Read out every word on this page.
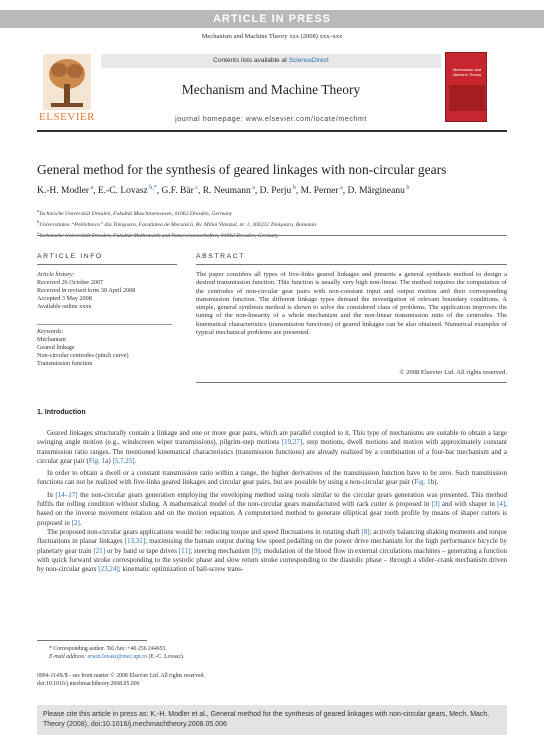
ARTICLE IN PRESS
Mechanism and Machine Theory xxx (2008) xxx–xxx
ELSEVIER
Contents lists available at ScienceDirect
Mechanism and Machine Theory
journal homepage: www.elsevier.com/locate/mechmt
Mechanism and Machine Theory
General method for the synthesis of geared linkages with non-circular gears
K.-H. Modler $^a$, E.-C. Lovasz $^{b,*}$, G.F. Bär $^c$, R. Neumann $^a$, D. Perju $^b$, M. Perner $^a$, D. Mărgineanu $^b$
$^a$Technische Universität Dresden, Fakultät Maschinenwesen, 01062 Dresden, Germany
$^b$Universitatea “Politehnica” din Timişoara, Facultatea de Mecanică, Bv. Mihai Viteazul, nr. 1, 300222 Timişoara, Romania
$^c$Technische Universität Dresden, Fakultät Mathematik und Naturwissenschaften, 01062 Dresden, Germany
ARTICLE INFO	ABSTRACT
Article history:
Received 26 October 2007
Received in revised form 30 April 2008
Accepted 3 May 2008
Available online xxxx
Keywords:
Mechanism
Geared linkage
Non-circular centrodes (pinch curve)
Transmission function
The paper considers all types of five-links geared linkages and presents a general synthesis method to design a desired transmission function. This function is usually very high non-linear. The method requires the computation of the centrodes of non-circular gear pairs with non-constant input and output motion and their corresponding transmission function. The different linkage types demand the investigation of relevant boundary conditions. A simple, general synthesis method is shown to solve the considered class of problems. The application improves the tuning of the non-linearity of a whole mechanism and the non-linear transmission ratio of the centrodes. The kinematical characteristics (transmission functions) of geared linkages can be also obtained. Numerical examples of typical mechanical problems are presented.
© 2008 Elsevier Ltd. All rights reserved.
1. Introduction

Geared linkages structurally contain a linkage and one or more gear pairs, which are parallel coupled to it. This type of mechanisms are suitable to obtain a large swinging angle motion (e.g., windscreen wiper transmissions), pilgrim-step motions [19,27], step motions, dwell motions and motion with approximately constant transmission ratio ranges. The mentioned kinematical characteristics (transmission functions) are already realized by a combination of a four-bar mechanism and a circular gear pair (Fig. 1a) [5,7,25].

In order to obtain a dwell or a constant transmission ratio within a range, the higher derivatives of the transmission function have to be zero. Such transmission functions can not be realized with five-links geared linkages and circular gear pairs, but are possible by using a non-circular gear pair (Fig. 1b).

In [14–17] the non-circular gears generation employing the enveloping method using tools similar to the circular gears generation was presented. This method fulfils the rolling condition without sliding. A mathematical model of the non-circular gears manufactured with rack cutter is proposed in [3] and with shaper in [4], based on the inverse movement relation and on the motion equation. A computerized method to generate elliptical gear tooth profile by means of shaper cutters is proposed in [2].

The proposed non-circular gears applications would be: reducing torque and speed fluctuations in rotating shaft [8]; actively balancing shaking moments and torque fluctuations in planar linkages [13,31]; maximising the human output during low speed pedalling on the power drive mechanism for the high performance bicycle by planetary gear train [21] or by band or tape drives [11]; steering mechanism [9]; modulation of the blood flow in external circulations machines – generating a function with quick forward stroke corresponding to the systolic phase and slow return stroke corresponding to the diastolic phase – through a slider–crank mechanism driven by non-circular gears [23,24]; kinematic optimization of ball-screw trans-

* Corresponding author. Tel./fax: +40 256 244653.
E-mail address: erwin.lovasz@mec.upt.ro (E.-C. Lovasz).
0094-114X/$ - see front matter © 2008 Elsevier Ltd. All rights reserved.
doi:10.1016/j.mechmachtheory.2008.05.006
Please cite this article in press as: K.-H. Modler et al., General method for the synthesis of geared linkages with non-circular gears, Mech. Mach. Theory (2008), doi:10.1016/j.mechmachtheory.2008.05.006
